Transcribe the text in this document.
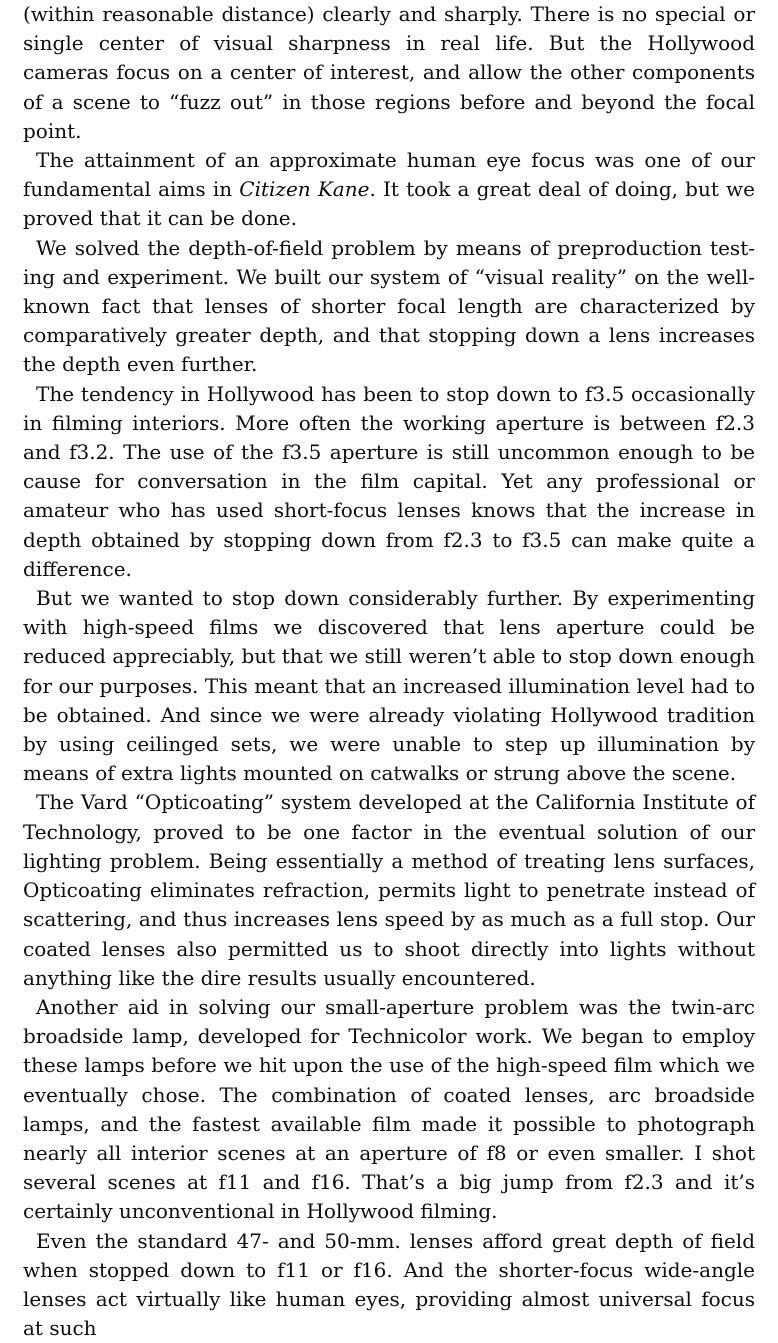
(within reasonable distance) clearly and sharply. There is no special or single center of visual sharpness in real life. But the Hollywood cameras focus on a center of interest, and allow the other components of a scene to “fuzz out” in those regions before and beyond the focal point.

The attainment of an approximate human eye focus was one of our fundamental aims in Citizen Kane. It took a great deal of doing, but we proved that it can be done.

We solved the depth-of-field problem by means of preproduction testing and experiment. We built our system of “visual reality” on the wellknown fact that lenses of shorter focal length are characterized by comparatively greater depth, and that stopping down a lens increases the depth even further.

The tendency in Hollywood has been to stop down to f3.5 occasionally in filming interiors. More often the working aperture is between f2.3 and f3.2. The use of the f3.5 aperture is still uncommon enough to be cause for conversation in the film capital. Yet any professional or amateur who has used short-focus lenses knows that the increase in depth obtained by stopping down from f2.3 to f3.5 can make quite a difference.

But we wanted to stop down considerably further. By experimenting with high-speed films we discovered that lens aperture could be reduced appreciably, but that we still weren’t able to stop down enough for our purposes. This meant that an increased illumination level had to be obtained. And since we were already violating Hollywood tradition by using ceilinged sets, we were unable to step up illumination by means of extra lights mounted on catwalks or strung above the scene.

The Vard “Opticoating” system developed at the California Institute of Technology, proved to be one factor in the eventual solution of our lighting problem. Being essentially a method of treating lens surfaces, Opticoating eliminates refraction, permits light to penetrate instead of scattering, and thus increases lens speed by as much as a full stop. Our coated lenses also permitted us to shoot directly into lights without anything like the dire results usually encountered.

Another aid in solving our small-aperture problem was the twin-arc broadside lamp, developed for Technicolor work. We began to employ these lamps before we hit upon the use of the high-speed film which we eventually chose. The combination of coated lenses, arc broadside lamps, and the fastest available film made it possible to photograph nearly all interior scenes at an aperture of f8 or even smaller. I shot several scenes at f11 and f16. That’s a big jump from f2.3 and it’s certainly unconventional in Hollywood filming.

Even the standard 47- and 50-mm. lenses afford great depth of field when stopped down to f11 or f16. And the shorter-focus wide-angle lenses act virtually like human eyes, providing almost universal focus at such
